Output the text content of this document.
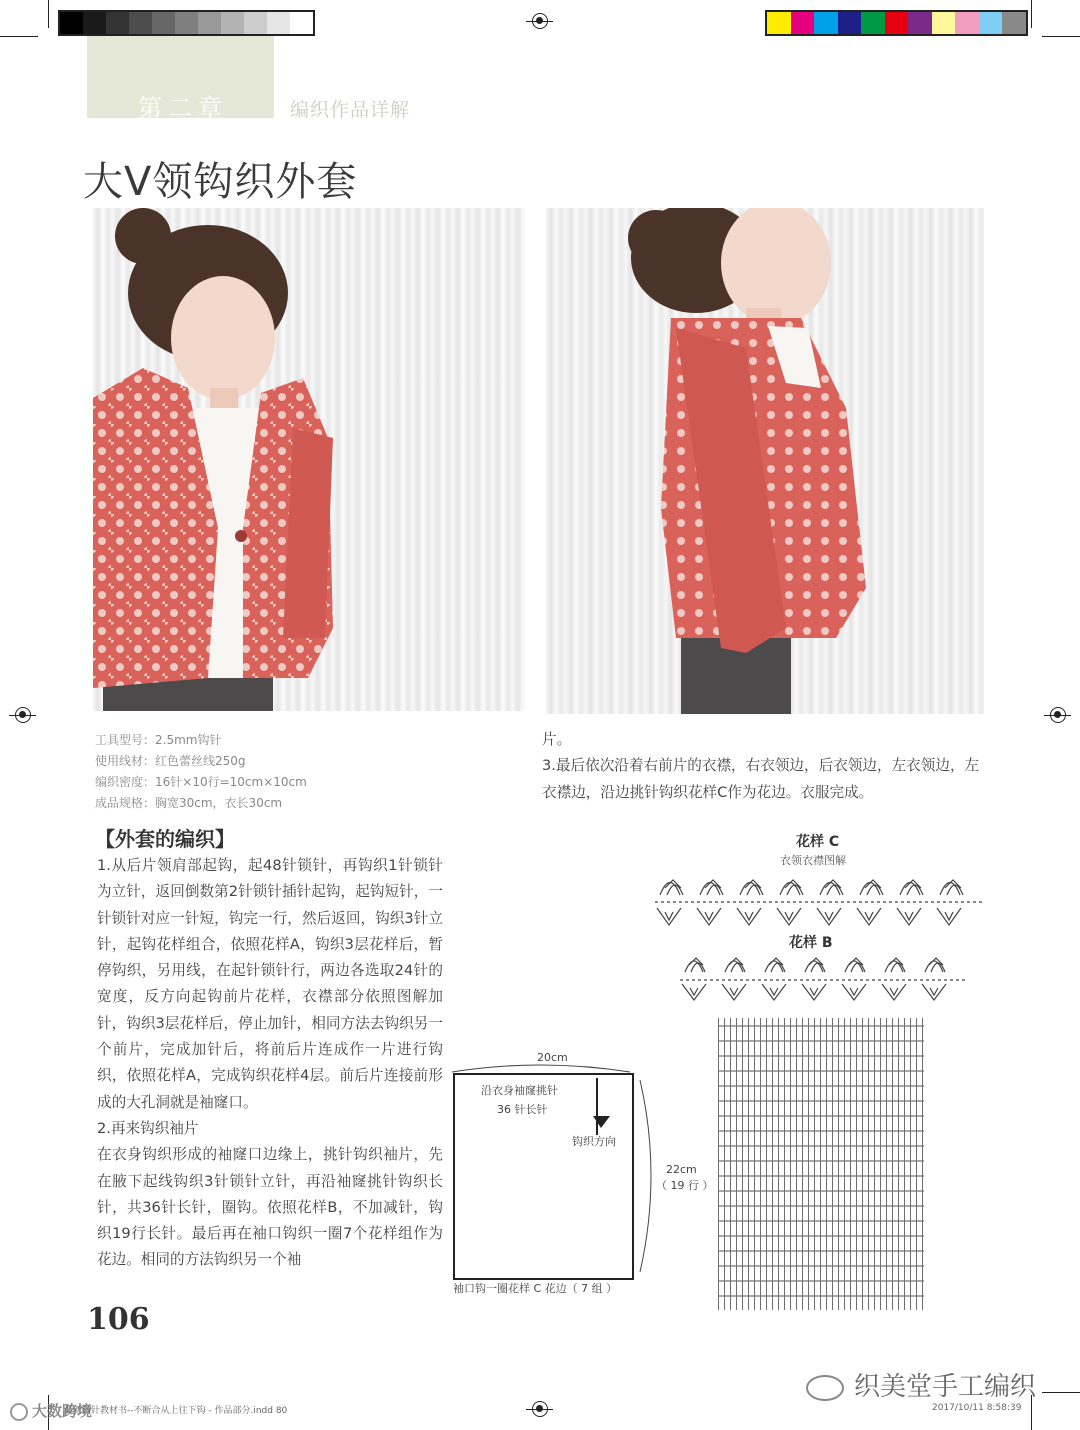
第二章	编织作品详解
大V领钩织外套
工具型号：2.5mm钩针
使用线材：红色蕾丝线250g
编织密度：16针×10行=10cm×10cm
成品规格：胸宽30cm，衣长30cm
【外套的编织】

1.从后片领肩部起钩，起48针锁针，再钩织1针锁针为立针，返回倒数第2针锁针插针起钩，起钩短针，一针锁针对应一针短，钩完一行，然后返回，钩织3针立针，起钩花样组合，依照花样A，钩织3层花样后，暂停钩织，另用线，在起针锁针行，两边各选取24针的宽度，反方向起钩前片花样，衣襟部分依照图解加针，钩织3层花样后，停止加针，相同方法去钩织另一个前片，完成加针后，将前后片连成作一片进行钩织，依照花样A，完成钩织花样4层。前后片连接前形成的大孔洞就是袖窿口。

2.再来钩织袖片

在衣身钩织形成的袖窿口边缘上，挑针钩织袖片，先在腋下起线钩织3针锁针立针，再沿袖窿挑针钩织长针，共36针长针，圈钩。依照花样B，不加减针，钩织19行长针。最后再在袖口钩织一圈7个花样组作为花边。相同的方法钩织另一个袖

片。

3.最后依次沿着右前片的衣襟，右衣领边，后衣领边，左衣领边，左衣襟边，沿边挑针钩织花样C作为花边。衣服完成。

花样 C
衣领衣襟图解
花样 B
20cm
沿衣身袖窿挑针
36 针长针
钩织方向
22cm
（ 19 行 ）
袖口钩一圈花样 C 花边（ 7 组 ）
106
大数跨境
最新钩针教材书--不断合从上往下钩 - 作品部分.indd 80	2017/10/11 8:58:39
织美堂手工编织
